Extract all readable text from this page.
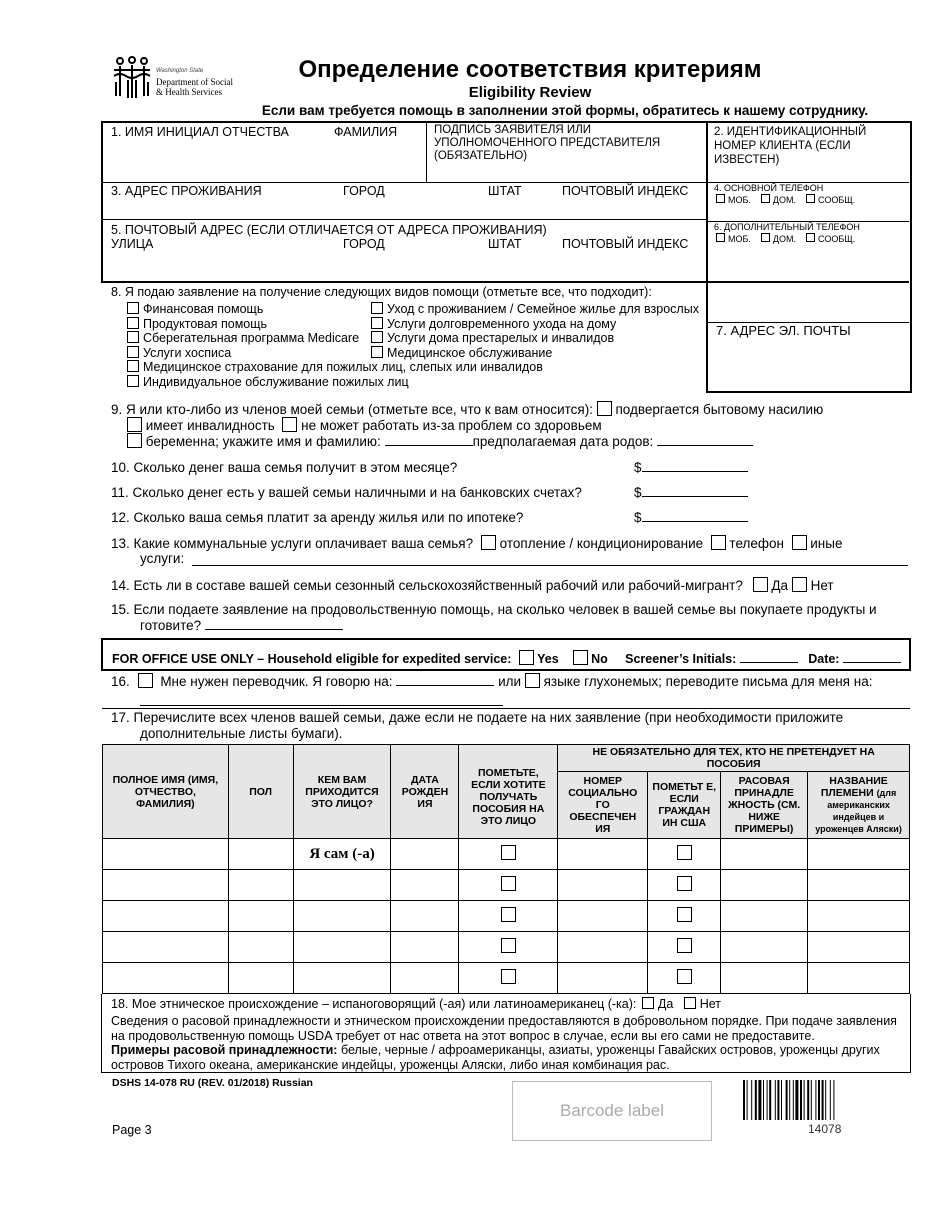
Washington State
Department of Social
& Health Services
Определение соответствия критериям
Eligibility Review
Если вам требуется помощь в заполнении этой формы, обратитесь к нашему сотруднику.
1. ИМЯ ИНИЦИАЛ ОТЧЕСТВА	ФАМИЛИЯ	ПОДПИСЬ ЗАЯВИТЕЛЯ ИЛИ УПОЛНОМОЧЕННОГО ПРЕДСТАВИТЕЛЯ (ОБЯЗАТЕЛЬНО)
2. ИДЕНТИФИКАЦИОННЫЙ НОМЕР КЛИЕНТА (ЕСЛИ ИЗВЕСТЕН)
3. АДРЕС ПРОЖИВАНИЯ	ГОРОД	ШТАТ	ПОЧТОВЫЙ ИНДЕКС	4. ОСНОВНОЙ ТЕЛЕФОН
МОБ. ДОМ. СООБЩ.
5. ПОЧТОВЫЙ АДРЕС (ЕСЛИ ОТЛИЧАЕТСЯ ОТ АДРЕСА ПРОЖИВАНИЯ)
УЛИЦА	ГОРОД	ШТАТ	ПОЧТОВЫЙ ИНДЕКС
6. ДОПОЛНИТЕЛЬНЫЙ ТЕЛЕФОН
МОБ. ДОМ. СООБЩ.
7. АДРЕС ЭЛ. ПОЧТЫ
8. Я подаю заявление на получение следующих видов помощи (отметьте все, что подходит):
Финансовая помощь
Продуктовая помощь
Сберегательная программа Medicare
Услуги хосписа
Медицинское страхование для пожилых лиц, слепых или инвалидов
Индивидуальное обслуживание пожилых лиц
Уход с проживанием / Семейное жилье для взрослых
Услуги долговременного ухода на дому
Услуги дома престарелых и инвалидов
Медицинское обслуживание
9. Я или кто-либо из членов моей семьи (отметьте все, что к вам относится): подвергается бытовому насилию
имеет инвалидность не может работать из-за проблем со здоровьем
беременна; укажите имя и фамилию:	предполагаемая дата родов:
10. Сколько денег ваша семья получит в этом месяце?	$
11. Сколько денег есть у вашей семьи наличными и на банковских счетах?	$
12. Сколько ваша семья платит за аренду жилья или по ипотеке?	$
13. Какие коммунальные услуги оплачивает ваша семья? отопление / кондиционирование телефон иные
услуги:
14. Есть ли в составе вашей семьи сезонный сельскохозяйственный рабочий или рабочий-мигрант? Да Нет
15. Если подаете заявление на продовольственную помощь, на сколько человек в вашей семье вы покупаете продукты и
готовите?
FOR OFFICE USE ONLY – Household eligible for expedited service: Yes	No Screener’s Initials:	Date:
16. Мне нужен переводчик. Я говорю на:	или языке глухонемых; переводите письма для меня на:
17. Перечислите всех членов вашей семьи, даже если не подаете на них заявление (при необходимости приложите
дополнительные листы бумаги).
ПОЛНОЕ ИМЯ (ИМЯ, ОТЧЕСТВО, ФАМИЛИЯ)	ПОЛ	КЕМ ВАМ ПРИХОДИТСЯ ЭТО ЛИЦО?	ДАТА РОЖДЕН ИЯ	ПОМЕТЬТЕ, ЕСЛИ ХОТИТЕ ПОЛУЧАТЬ ПОСОБИЯ НА ЭТО ЛИЦО	НЕ ОБЯЗАТЕЛЬНО ДЛЯ ТЕХ, КТО НЕ ПРЕТЕНДУЕТ НА ПОСОБИЯ			
					НОМЕР СОЦИАЛЬНО ГО ОБЕСПЕЧЕН ИЯ	ПОМЕТЬТ Е, ЕСЛИ ГРАЖДАН ИН США	РАСОВАЯ ПРИНАДЛЕ ЖНОСТЬ (СМ. НИЖЕ ПРИМЕРЫ)	НАЗВАНИЕ ПЛЕМЕНИ (для американских индейцев и уроженцев Аляски)
		Я сам (-а)						

18. Мое этническое происхождение – испаноговорящий (-ая) или латиноамериканец (-ка): Да Нет
Сведения о расовой принадлежности и этническом происхождении предоставляются в добровольном порядке. При подаче заявления на продовольственную помощь USDA требует от нас ответа на этот вопрос в случае, если вы его сами не предоставите.
Примеры расовой принадлежности: белые, черные / афроамериканцы, азиаты, уроженцы Гавайских островов, уроженцы других островов Тихого океана, американские индейцы, уроженцы Аляски, либо иная комбинация рас.
DSHS 14-078 RU (REV. 01/2018) Russian
Page 3
Barcode label
14078
